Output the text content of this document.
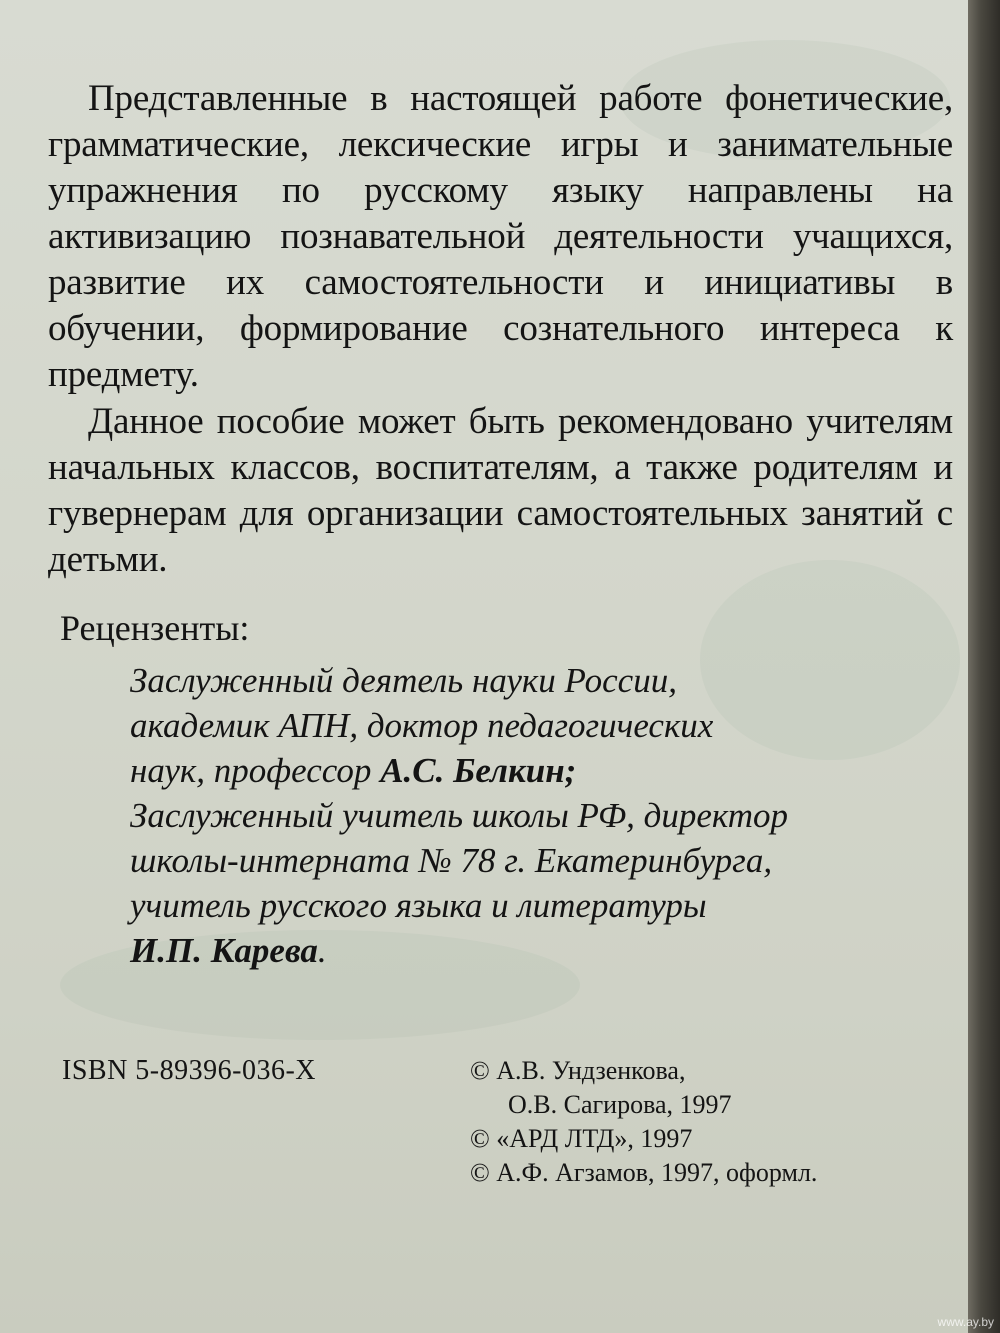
Представленные в настоящей работе фонетические, грамматические, лексические игры и занимательные упражнения по русскому языку направлены на активизацию познавательной деятельности учащихся, развитие их самостоятельности и инициативы в обучении, формирование сознательного интереса к предмету.

Данное пособие может быть рекомендовано учителям начальных классов, воспитателям, а также родителям и гувернерам для организации самостоятельных занятий с детьми.

Рецензенты:
Заслуженный деятель науки России,
академик АПН, доктор педагогических
наук, профессор А.С. Белкин;
Заслуженный учитель школы РФ, директор
школы-интерната № 78 г. Екатеринбурга,
учитель русского языка и литературы
И.П. Карева.
ISBN 5-89396-036-X	© А.В. Ундзенкова,
О.В. Сагирова, 1997
© «АРД ЛТД», 1997
© А.Ф. Агзамов, 1997, оформл.
www.ay.by
